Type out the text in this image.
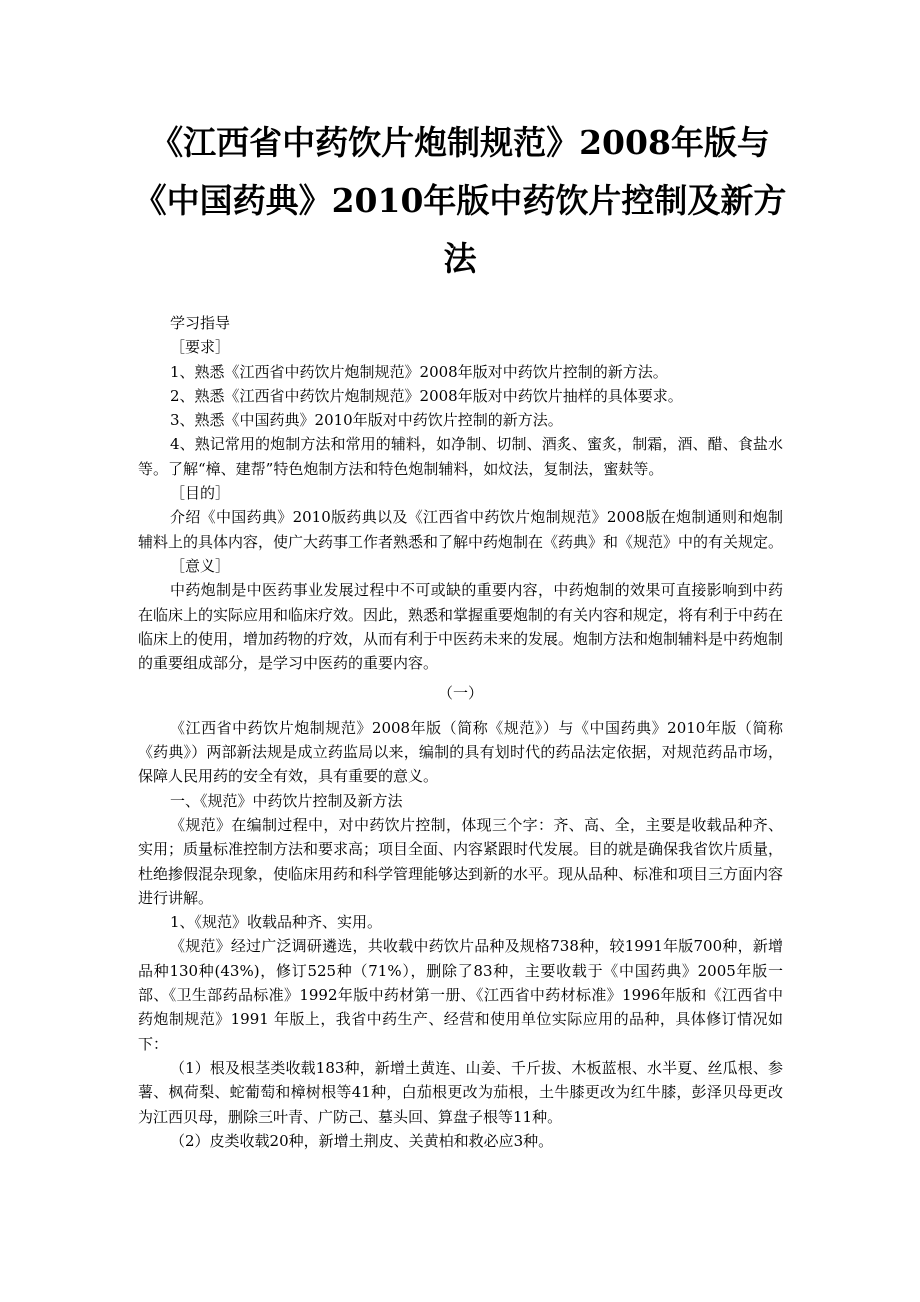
《江西省中药饮片炮制规范》2008年版与
《中国药典》2010年版中药饮片控制及新方
法

学习指导

［要求］

1、熟悉《江西省中药饮片炮制规范》2008年版对中药饮片控制的新方法。

2、熟悉《江西省中药饮片炮制规范》2008年版对中药饮片抽样的具体要求。

3、熟悉《中国药典》2010年版对中药饮片控制的新方法。

4、熟记常用的炮制方法和常用的辅料，如净制、切制、酒炙、蜜炙，制霜，酒、醋、食盐水等。了解“樟、建帮”特色炮制方法和特色炮制辅料，如炆法，复制法，蜜麸等。

［目的］

介绍《中国药典》2010版药典以及《江西省中药饮片炮制规范》2008版在炮制通则和炮制辅料上的具体内容，使广大药事工作者熟悉和了解中药炮制在《药典》和《规范》中的有关规定。

［意义］

中药炮制是中医药事业发展过程中不可或缺的重要内容，中药炮制的效果可直接影响到中药在临床上的实际应用和临床疗效。因此，熟悉和掌握重要炮制的有关内容和规定，将有利于中药在临床上的使用，增加药物的疗效，从而有利于中医药未来的发展。炮制方法和炮制辅料是中药炮制的重要组成部分，是学习中医药的重要内容。

（一）

《江西省中药饮片炮制规范》2008年版（简称《规范》）与《中国药典》2010年版（简称《药典》）两部新法规是成立药监局以来，编制的具有划时代的药品法定依据，对规范药品市场，保障人民用药的安全有效，具有重要的意义。

一、《规范》中药饮片控制及新方法

《规范》在编制过程中，对中药饮片控制，体现三个字：齐、高、全，主要是收载品种齐、实用；质量标准控制方法和要求高；项目全面、内容紧跟时代发展。目的就是确保我省饮片质量，杜绝掺假混杂现象，使临床用药和科学管理能够达到新的水平。现从品种、标准和项目三方面内容进行讲解。

1、《规范》收载品种齐、实用。

《规范》经过广泛调研遴选，共收载中药饮片品种及规格738种，较1991年版700种，新增品种130种(43%)，修订525种（71%），删除了83种，主要收载于《中国药典》2005年版一部、《卫生部药品标准》1992年版中药材第一册、《江西省中药材标准》1996年版和《江西省中药炮制规范》1991 年版上，我省中药生产、经营和使用单位实际应用的品种，具体修订情况如下：

（1）根及根茎类收载183种，新增土黄连、山姜、千斤拔、木板蓝根、水半夏、丝瓜根、参薯、枫荷梨、蛇葡萄和樟树根等41种，白茄根更改为茄根，土牛膝更改为红牛膝，彭泽贝母更改为江西贝母，删除三叶青、广防己、墓头回、算盘子根等11种。

（2）皮类收载20种，新增土荆皮、关黄柏和救必应3种。
